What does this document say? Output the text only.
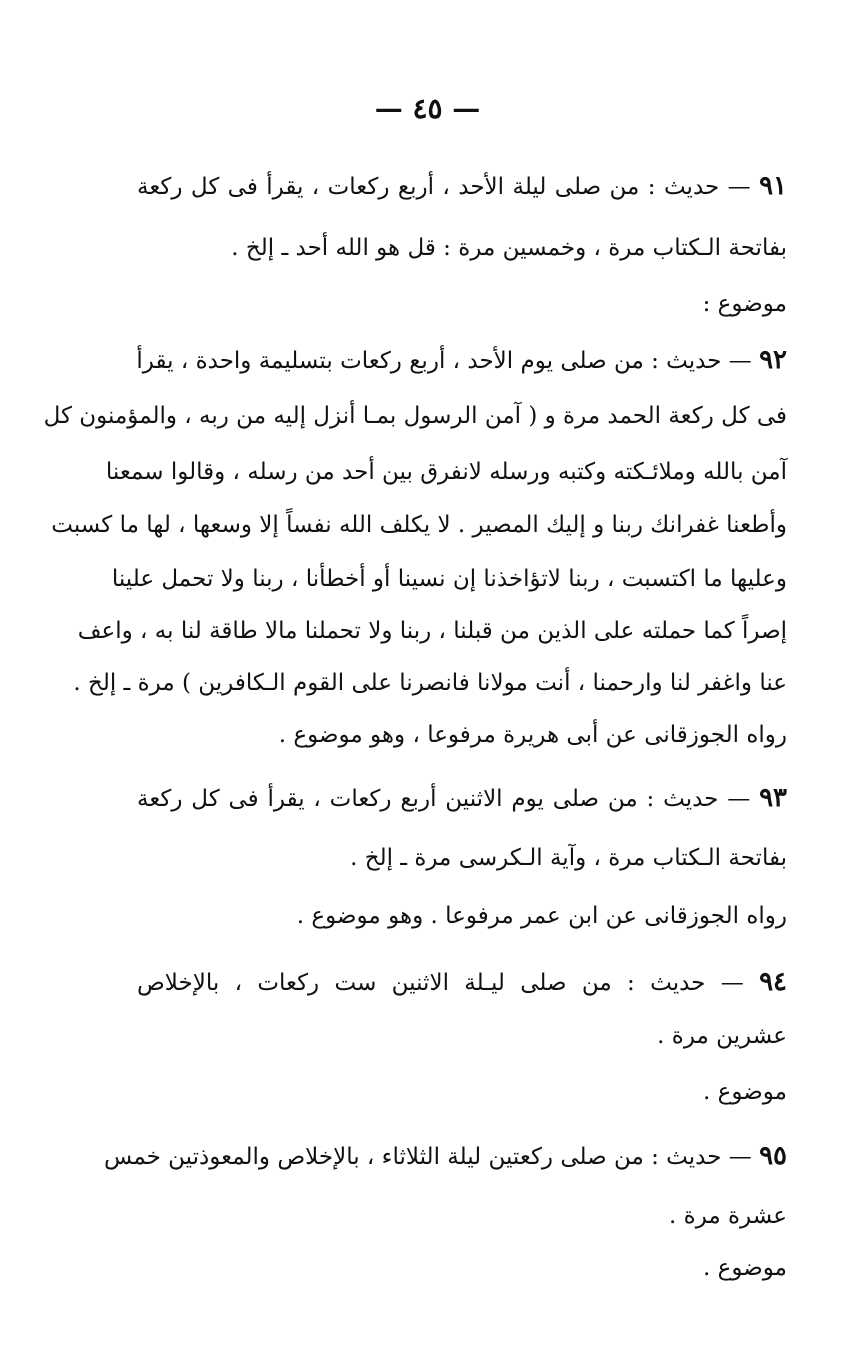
— ٤٥ —
٩١ — حديث : من صلى ليلة الأحد ، أربع ركعات ، يقرأ فى كل ركعة
بفاتحة الـكتاب مرة ، وخمسين مرة : قل هو الله أحد ـ إلخ .
موضوع :
٩٢ — حديث : من صلى يوم الأحد ، أربع ركعات بتسليمة واحدة ، يقرأ
فى كل ركعة الحمد مرة و ( آمن الرسول بمـا أنزل إليه من ربه ، والمؤمنون كل
آمن بالله وملائـكته وكتبه ورسله لانفرق بين أحد من رسله ، وقالوا سمعنا
وأطعنا غفرانك ربنا و إليك المصير . لا يكلف الله نفساً إلا وسعها ، لها ما كسبت
وعليها ما اكتسبت ، ربنا لاتؤاخذنا إن نسينا أو أخطأنا ، ربنا ولا تحمل علينا
إصراً كما حملته على الذين من قبلنا ، ربنا ولا تحملنا مالا طاقة لنا به ، واعف
عنا واغفر لنا وارحمنا ، أنت مولانا فانصرنا على القوم الـكافرين ) مرة ـ إلخ .
رواه الجوزقانى عن أبى هريرة مرفوعا ، وهو موضوع .
٩٣ — حديث : من صلى يوم الاثنين أربع ركعات ، يقرأ فى كل ركعة
بفاتحة الـكتاب مرة ، وآية الـكرسى مرة ـ إلخ .
رواه الجوزقانى عن ابن عمر مرفوعا . وهو موضوع .
٩٤ — حديث : من صلى ليـلة الاثنين ست ركعات ، بالإخلاص
عشرين مرة .
موضوع .
٩٥ — حديث : من صلى ركعتين ليلة الثلاثاء ، بالإخلاص والمعوذتين خمس
عشرة مرة .
موضوع .
